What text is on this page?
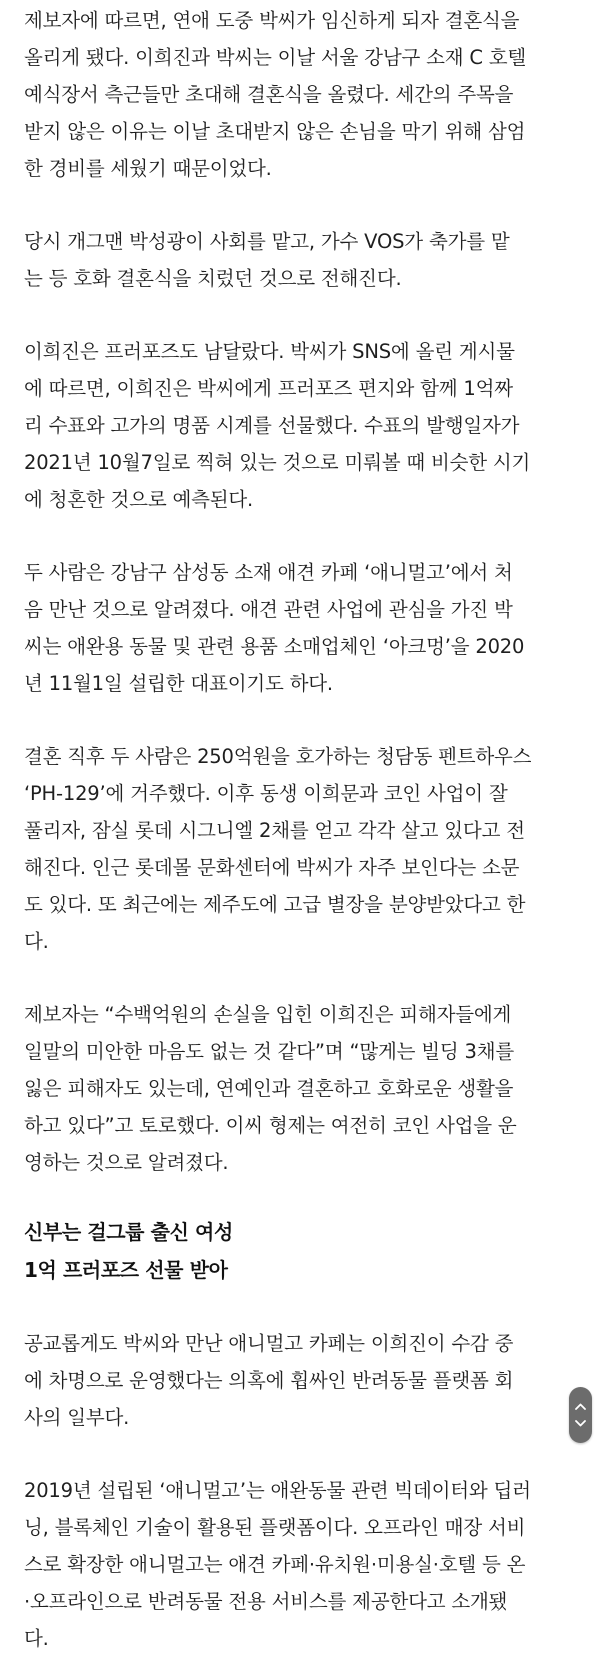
제보자에 따르면, 연애 도중 박씨가 임신하게 되자 결혼식을
올리게 됐다. 이희진과 박씨는 이날 서울 강남구 소재 C 호텔
예식장서 측근들만 초대해 결혼식을 올렸다. 세간의 주목을
받지 않은 이유는 이날 초대받지 않은 손님을 막기 위해 삼엄
한 경비를 세웠기 때문이었다.

당시 개그맨 박성광이 사회를 맡고, 가수 VOS가 축가를 맡
는 등 호화 결혼식을 치렀던 것으로 전해진다.

이희진은 프러포즈도 남달랐다. 박씨가 SNS에 올린 게시물
에 따르면, 이희진은 박씨에게 프러포즈 편지와 함께 1억짜
리 수표와 고가의 명품 시계를 선물했다. 수표의 발행일자가
2021년 10월7일로 찍혀 있는 것으로 미뤄볼 때 비슷한 시기
에 청혼한 것으로 예측된다.

두 사람은 강남구 삼성동 소재 애견 카페 ‘애니멀고’에서 처
음 만난 것으로 알려졌다. 애견 관련 사업에 관심을 가진 박
씨는 애완용 동물 및 관련 용품 소매업체인 ‘아크멍’을 2020
년 11월1일 설립한 대표이기도 하다.

결혼 직후 두 사람은 250억원을 호가하는 청담동 펜트하우스
‘PH-129’에 거주했다. 이후 동생 이희문과 코인 사업이 잘
풀리자, 잠실 롯데 시그니엘 2채를 얻고 각각 살고 있다고 전
해진다. 인근 롯데몰 문화센터에 박씨가 자주 보인다는 소문
도 있다. 또 최근에는 제주도에 고급 별장을 분양받았다고 한
다.

제보자는 “수백억원의 손실을 입힌 이희진은 피해자들에게
일말의 미안한 마음도 없는 것 같다”며 “많게는 빌딩 3채를
잃은 피해자도 있는데, 연예인과 결혼하고 호화로운 생활을
하고 있다”고 토로했다. 이씨 형제는 여전히 코인 사업을 운
영하는 것으로 알려졌다.

신부는 걸그룹 출신 여성
1억 프러포즈 선물 받아

공교롭게도 박씨와 만난 애니멀고 카페는 이희진이 수감 중
에 차명으로 운영했다는 의혹에 휩싸인 반려동물 플랫폼 회
사의 일부다.

2019년 설립된 ‘애니멀고’는 애완동물 관련 빅데이터와 딥러
닝, 블록체인 기술이 활용된 플랫폼이다. 오프라인 매장 서비
스로 확장한 애니멀고는 애견 카페·유치원·미용실·호텔 등 온
·오프라인으로 반려동물 전용 서비스를 제공한다고 소개됐
다.
